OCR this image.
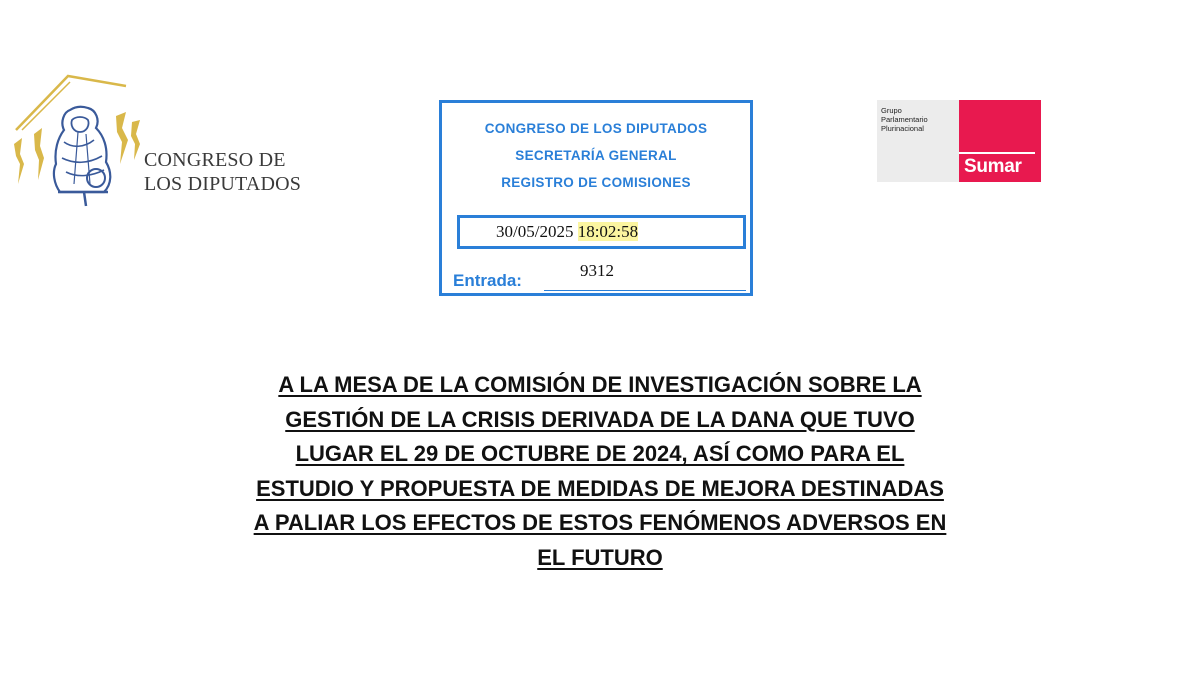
CONGRESO DE
LOS DIPUTADOS
CONGRESO DE LOS DIPUTADOS
SECRETARÍA GENERAL
REGISTRO DE COMISIONES
30/05/2025 18:02:58
Entrada:
9312
Grupo
Parlamentario
Plurinacional
Sumar
A LA MESA DE LA COMISIÓN DE INVESTIGACIÓN SOBRE LA
GESTIÓN DE LA CRISIS DERIVADA DE LA DANA QUE TUVO
LUGAR EL 29 DE OCTUBRE DE 2024, ASÍ COMO PARA EL
ESTUDIO Y PROPUESTA DE MEDIDAS DE MEJORA DESTINADAS
A PALIAR LOS EFECTOS DE ESTOS FENÓMENOS ADVERSOS EN
EL FUTURO
